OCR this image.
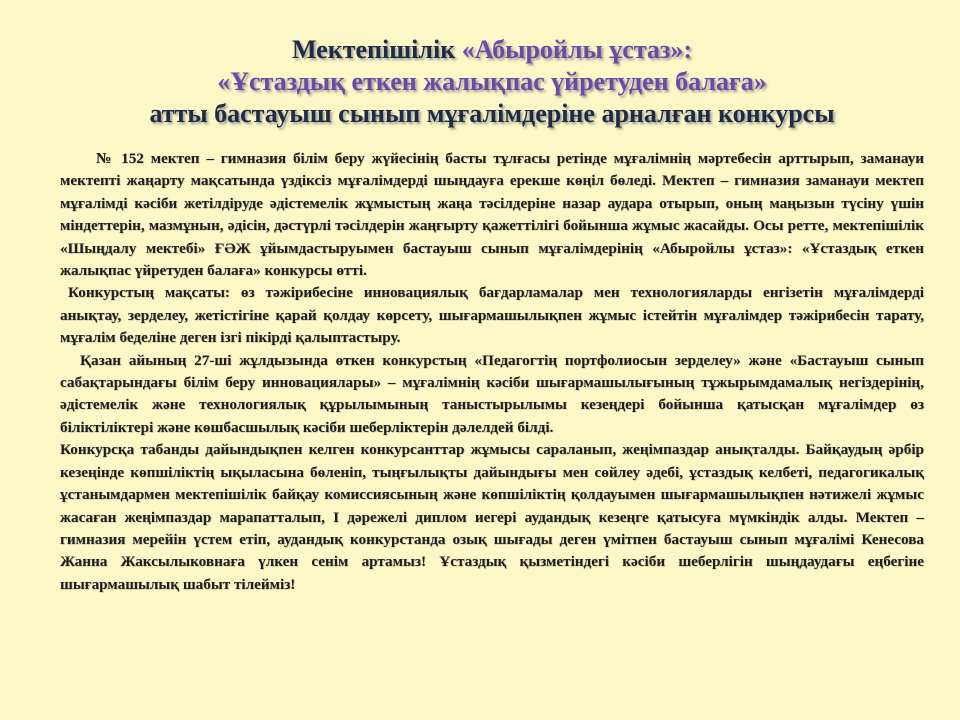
Мектепішілік «Абыройлы ұстаз»:
«Ұстаздық еткен жалықпас үйретуден балаға»
атты бастауыш сынып мұғалімдеріне арналған конкурсы

№ 152 мектеп – гимназия білім беру жүйесінің басты тұлғасы ретінде мұғалімнің мәртебесін арттырып, заманауи мектепті жаңарту мақсатында үздіксіз мұғалімдерді шыңдауға ерекше көңіл бөледі. Мектеп – гимназия заманауи мектеп мұғалімді кәсіби жетілдіруде әдістемелік жұмыстың жаңа тәсілдеріне назар аудара отырып, оның маңызын түсіну үшін міндеттерін, мазмұнын, әдісін, дәстүрлі тәсілдерін жаңғырту қажеттілігі бойынша жұмыс жасайды. Осы ретте, мектепішілік «Шыңдалу мектебі» ҒӘЖ ұйымдастыруымен бастауыш сынып мұғалімдерінің «Абыройлы ұстаз»: «Ұстаздық еткен жалықпас үйретуден балаға» конкурсы өтті.

Конкурстың мақсаты: өз тәжірибесіне инновациялық бағдарламалар мен технологияларды енгізетін мұғалімдерді анықтау, зерделеу, жетістігіне қарай қолдау көрсету, шығармашылықпен жұмыс істейтін мұғалімдер тәжірибесін тарату, мұғалім беделіне деген ізгі пікірді қалыптастыру.

Қазан айының 27-ші жұлдызында өткен конкурстың «Педагогтің портфолиосын зерделеу» және «Бастауыш сынып сабақтарындағы білім беру инновациялары» – мұғалімнің кәсіби шығармашылығының тұжырымдамалық негіздерінің, әдістемелік және технологиялық құрылымының таныстырылымы кезеңдері бойынша қатысқан мұғалімдер өз біліктіліктері және көшбасшылық кәсіби шеберліктерін дәлелдей білді.

Конкурсқа табанды дайындықпен келген конкурсанттар жұмысы сараланып, жеңімпаздар анықталды. Байқаудың әрбір кезеңінде көпшіліктің ықыласына бөленіп, тыңғылықты дайындығы мен сөйлеу әдебі, ұстаздық келбеті, педагогикалық ұстанымдармен мектепішілік байқау комиссиясының және көпшіліктің қолдауымен шығармашылықпен нәтижелі жұмыс жасаған жеңімпаздар марапатталып, І дәрежелі диплом иегері аудандық кезеңге қатысуға мүмкіндік алды. Мектеп – гимназия мерейін үстем етіп, аудандық конкурстанда озық шығады деген үмітпен бастауыш сынып мұғалімі Кенесова Жанна Жаксылыковнаға үлкен сенім артамыз! Ұстаздық қызметіндегі кәсіби шеберлігін шыңдаудағы еңбегіне шығармашылық шабыт тілейміз!
